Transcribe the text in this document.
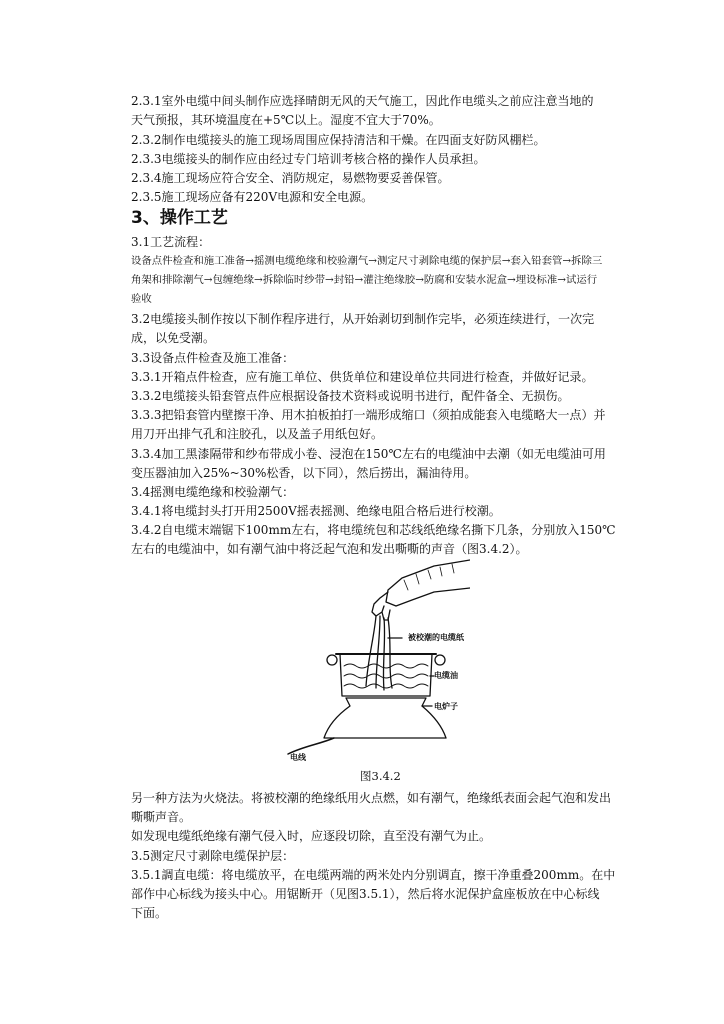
2.3.1室外电缆中间头制作应选择晴朗无风的天气施工，因此作电缆头之前应注意当地的
天气预报，其环境温度在+5℃以上。湿度不宜大于70%。
2.3.2制作电缆接头的施工现场周围应保持清洁和干燥。在四面支好防风棚栏。
2.3.3电缆接头的制作应由经过专门培训考核合格的操作人员承担。
2.3.4施工现场应符合安全、消防规定，易燃物要妥善保管。
2.3.5施工现场应备有220V电源和安全电源。
3、操作工艺
3.1工艺流程：
设备点件检查和施工准备→摇测电缆绝缘和校验潮气→测定尺寸剥除电缆的保护层→套入铅套管→拆除三
角架和排除潮气→包缠绝缘→拆除临时纱带→封铅→灌注绝缘胶→防腐和安装水泥盒→埋设标准→试运行
验收
3.2电缆接头制作按以下制作程序进行，从开始剥切到制作完毕，必须连续进行，一次完
成，以免受潮。
3.3设备点件检查及施工准备：
3.3.1开箱点件检查，应有施工单位、供货单位和建设单位共同进行检查，并做好记录。
3.3.2电缆接头铅套管点件应根据设备技术资料或说明书进行，配件备全、无损伤。
3.3.3把铅套管内壁擦干净、用木拍板拍打一端形成缩口（须拍成能套入电缆略大一点）并
用刀开出排气孔和注胶孔，以及盖子用纸包好。
3.3.4加工黑漆隔带和纱布带成小卷、浸泡在150℃左右的电缆油中去潮（如无电缆油可用
变压器油加入25%~30%松香，以下同），然后捞出，漏油待用。
3.4摇测电缆绝缘和校验潮气：
3.4.1将电缆封头打开用2500V摇表摇测、绝缘电阻合格后进行校潮。
3.4.2自电缆末端锯下100mm左右，将电缆统包和芯线纸绝缘名撕下几条，分别放入150℃
左右的电缆油中，如有潮气油中将泛起气泡和发出嘶嘶的声音（图3.4.2）。
被校潮的电缆纸
电缆油
电炉子
电线
图3.4.2
另一种方法为火烧法。将被校潮的绝缘纸用火点燃，如有潮气，绝缘纸表面会起气泡和发出
嘶嘶声音。
如发现电缆纸绝缘有潮气侵入时，应逐段切除，直至没有潮气为止。
3.5测定尺寸剥除电缆保护层：
3.5.1調直电缆：将电缆放平，在电缆两端的两米处内分别调直，擦干净重叠200mm。在中
部作中心标线为接头中心。用锯断开（见图3.5.1），然后将水泥保护盒座板放在中心标线
下面。
